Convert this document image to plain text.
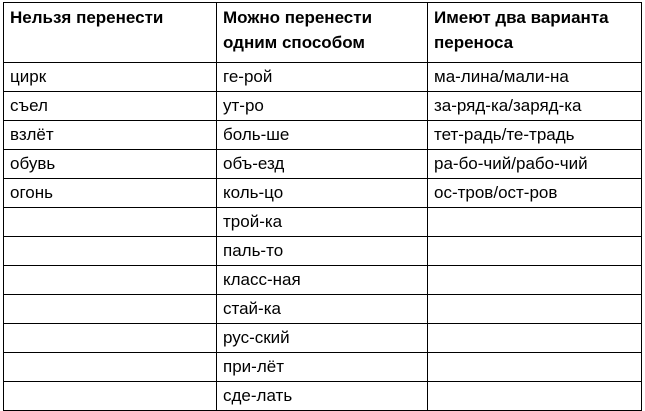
Нельзя перенести	Можно перенести одним способом	Имеют два варианта переноса
цирк	ге-рой	ма-лина/мали-на
съел	ут-ро	за-ряд-ка/заряд-ка
взлёт	боль-ше	тет-радь/те-традь
обувь	объ-езд	ра-бо-чий/рабо-чий
огонь	коль-цо	ос-тров/ост-ров
	трой-ка	
	паль-то	
	класс-ная	
	стай-ка	
	рус-ский	
	при-лёт	
	сде-лать	
